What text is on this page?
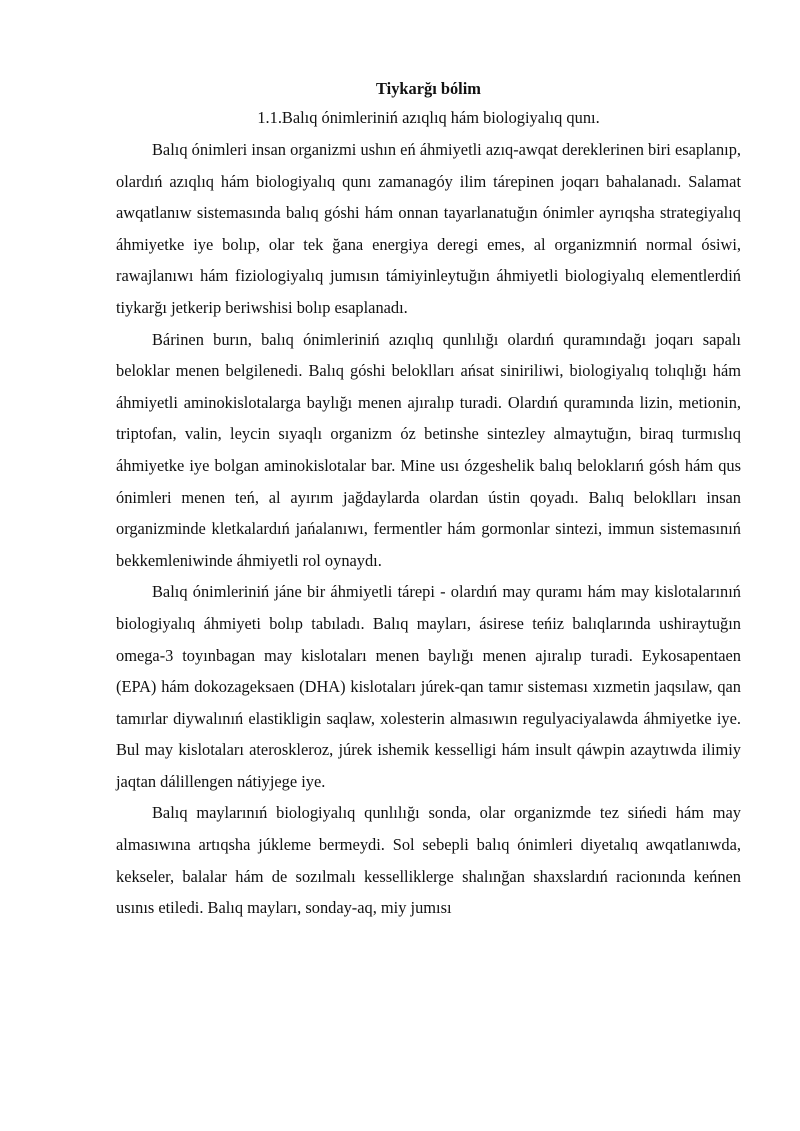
Tiykarğı bólim

1.1.Balıq ónimleriniń azıqlıq hám biologiyalıq qunı.

Balıq ónimleri insan organizmi ushın eń áhmiyetli azıq-awqat dereklerinen biri esaplanıp, olardıń azıqlıq hám biologiyalıq qunı zamanagóy ilim tárepinen joqarı bahalanadı. Salamat awqatlanıw sistemasında balıq góshi hám onnan tayarlanatuğın ónimler ayrıqsha strategiyalıq áhmiyetke iye bolıp, olar tek ğana energiya deregi emes, al organizmniń normal ósiwi, rawajlanıwı hám fiziologiyalıq jumısın támiyinleytuğın áhmiyetli biologiyalıq elementlerdiń tiykarğı jetkerip beriwshisi bolıp esaplanadı.

Bárinen burın, balıq ónimleriniń azıqlıq qunlılığı olardıń quramındağı joqarı sapalı beloklar menen belgilenedi. Balıq góshi beloklları ańsat siniriliwi, biologiyalıq tolıqlığı hám áhmiyetli aminokislotalarga baylığı menen ajıralıp turadi. Olardıń quramında lizin, metionin, triptofan, valin, leycin sıyaqlı organizm óz betinshe sintezley almaytuğın, biraq turmıslıq áhmiyetke iye bolgan aminokislotalar bar. Mine usı ózgeshelik balıq beloklarıń gósh hám qus ónimleri menen teń, al ayırım jağdaylarda olardan ústin qoyadı. Balıq beloklları insan organizminde kletkalardıń jańalanıwı, fermentler hám gormonlar sintezi, immun sistemasınıń bekkemleniwinde áhmiyetli rol oynaydı.

Balıq ónimleriniń jáne bir áhmiyetli tárepi - olardıń may quramı hám may kislotalarınıń biologiyalıq áhmiyeti bolıp tabıladı. Balıq mayları, ásirese teńiz balıqlarında ushiraytuğın omega-3 toyınbagan may kislotaları menen baylığı menen ajıralıp turadi. Eykosapentaen (EPA) hám dokozageksaen (DHA) kislotaları júrek-qan tamır sisteması xızmetin jaqsılaw, qan tamırlar diywalınıń elastikligin saqlaw, xolesterin almasıwın regulyaciyalawda áhmiyetke iye. Bul may kislotaları ateroskleroz, júrek ishemik kesselligi hám insult qáwpin azaytıwda ilimiy jaqtan dálillengen nátiyjege iye.

Balıq maylarınıń biologiyalıq qunlılığı sonda, olar organizmde tez sińedi hám may almasıwına artıqsha júkleme bermeydi. Sol sebepli balıq ónimleri diyetalıq awqatlanıwda, kekseler, balalar hám de sozılmalı kesselliklerge shalınğan shaxslardıń racionında keńnen usınıs etiledi. Balıq mayları, sonday-aq, miy jumısı
